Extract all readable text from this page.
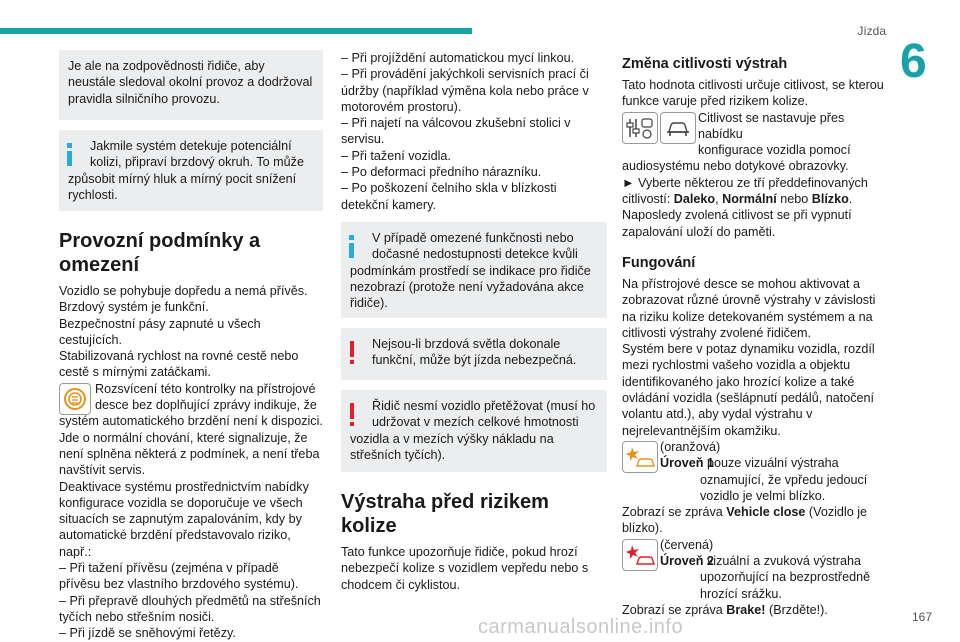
Jízda
6
167
carmanualsonline.info

Je ale na zodpovědnosti řidiče, aby neustále sledoval okolní provoz a dodržoval pravidla silničního provozu.

Jakmile systém detekuje potenciální

kolizi, připraví brzdový okruh. To může

způsobit mírný hluk a mírný pocit snížení rychlosti.

Provozní podmínky a omezení

Vozidlo se pohybuje dopředu a nemá přívěs.

Brzdový systém je funkční.

Bezpečnostní pásy zapnuté u všech cestujících.

Stabilizovaná rychlost na rovné cestě nebo cestě s mírnými zatáčkami.

Rozsvícení této kontrolky na přístrojové

desce bez doplňující zprávy indikuje, že

systém automatického brzdění není k dispozici.

Jde o normální chování, které signalizuje, že není splněna některá z podmínek, a není třeba navštívit servis.

Deaktivace systému prostřednictvím nabídky konfigurace vozidla se doporučuje ve všech situacích se zapnutým zapalováním, kdy by automatické brzdění představovalo riziko, např.:

– Při tažení přívěsu (zejména v případě přívěsu bez vlastního brzdového systému).

– Při přepravě dlouhých předmětů na střešních tyčích nebo střešním nosiči.

– Při jízdě se sněhovými řetězy.

– Při projíždění automatickou mycí linkou.

– Při provádění jakýchkoli servisních prací či údržby (například výměna kola nebo práce v motorovém prostoru).

– Při najetí na válcovou zkušební stolici v servisu.

– Při tažení vozidla.

– Po deformaci předního nárazníku.

– Po poškození čelního skla v blízkosti detekční kamery.

V případě omezené funkčnosti nebo

dočasné nedostupnosti detekce kvůli

podmínkám prostředí se indikace pro řidiče nezobrazí (protože není vyžadována akce řidiče).

Nejsou-li brzdová světla dokonale

funkční, může být jízda nebezpečná.

Řidič nesmí vozidlo přetěžovat (musí ho

udržovat v mezích celkové hmotnosti

vozidla a v mezích výšky nákladu na střešních tyčích).

Výstraha před rizikem kolize

Tato funkce upozorňuje řidiče, pokud hrozí nebezpečí kolize s vozidlem vepředu nebo s chodcem či cyklistou.

Změna citlivosti výstrah

Tato hodnota citlivosti určuje citlivost, se kterou funkce varuje před rizikem kolize.

Citlivost se nastavuje přes nabídku

konfigurace vozidla pomocí

audiosystému nebo dotykové obrazovky.

► Vyberte některou ze tří předdefinovaných citlivostí: Daleko, Normální nebo Blízko.

Naposledy zvolená citlivost se při vypnutí zapalování uloží do paměti.

Fungování

Na přístrojové desce se mohou aktivovat a zobrazovat různé úrovně výstrahy v závislosti na riziku kolize detekovaném systémem a na citlivosti výstrahy zvolené řidičem.

Systém bere v potaz dynamiku vozidla, rozdíl mezi rychlostmi vašeho vozidla a objektu identifikovaného jako hrozící kolize a také ovládání vozidla (sešlápnutí pedálů, natočení volantu atd.), aby vydal výstrahu v nejrelevantnějším okamžiku.

(oranžová)

Úroveň 1

: pouze vizuální výstraha oznamující, že vpředu jedoucí vozidlo je velmi blízko.

Zobrazí se zpráva Vehicle close (Vozidlo je blízko).

(červená)

Úroveň 2

: vizuální a zvuková výstraha upozorňující na bezprostředně hrozící srážku.

Zobrazí se zpráva Brake! (Brzděte!).
